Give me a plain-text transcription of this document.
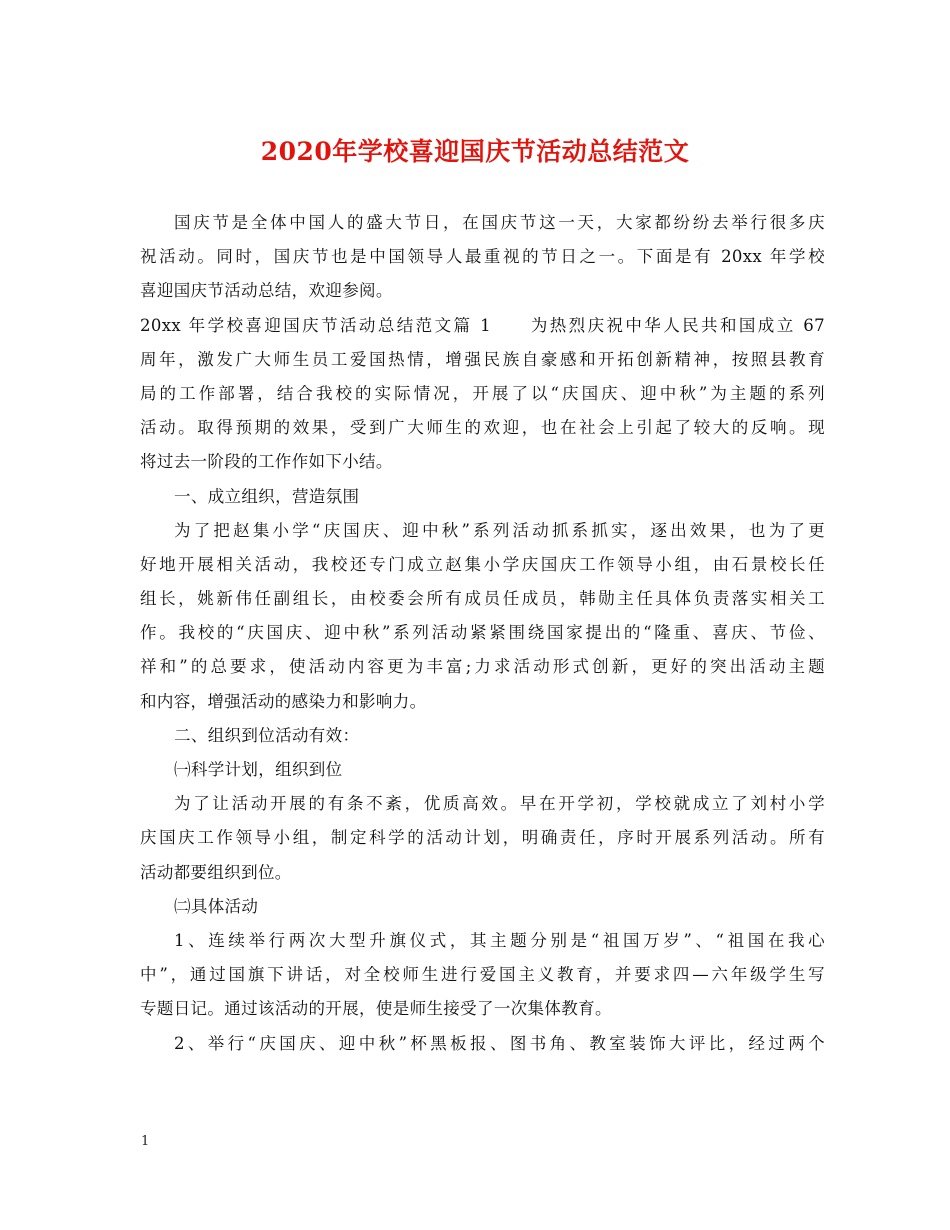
2020年学校喜迎国庆节活动总结范文
国庆节是全体中国人的盛大节日，在国庆节这一天，大家都纷纷去举行很多庆
祝活动。同时，国庆节也是中国领导人最重视的节日之一。下面是有 20xx 年学校
喜迎国庆节活动总结，欢迎参阅。
20xx 年学校喜迎国庆节活动总结范文篇 1　　为热烈庆祝中华人民共和国成立 67
周年，激发广大师生员工爱国热情，增强民族自豪感和开拓创新精神，按照县教育
局的工作部署，结合我校的实际情况，开展了以“庆国庆、迎中秋”为主题的系列
活动。取得预期的效果，受到广大师生的欢迎，也在社会上引起了较大的反响。现
将过去一阶段的工作作如下小结。
一、成立组织，营造氛围
为了把赵集小学“庆国庆、迎中秋”系列活动抓系抓实，逐出效果，也为了更
好地开展相关活动，我校还专门成立赵集小学庆国庆工作领导小组，由石景校长任
组长，姚新伟任副组长，由校委会所有成员任成员，韩勋主任具体负责落实相关工
作。我校的“庆国庆、迎中秋”系列活动紧紧围绕国家提出的“隆重、喜庆、节俭、
祥和”的总要求，使活动内容更为丰富;力求活动形式创新，更好的突出活动主题
和内容，增强活动的感染力和影响力。
二、组织到位活动有效：
㈠科学计划，组织到位
为了让活动开展的有条不紊，优质高效。早在开学初，学校就成立了刘村小学
庆国庆工作领导小组，制定科学的活动计划，明确责任，序时开展系列活动。所有
活动都要组织到位。
㈡具体活动
1、连续举行两次大型升旗仪式，其主题分别是“祖国万岁”、“祖国在我心
中”，通过国旗下讲话，对全校师生进行爱国主义教育，并要求四—六年级学生写
专题日记。通过该活动的开展，使是师生接受了一次集体教育。
2、举行“庆国庆、迎中秋”杯黑板报、图书角、教室装饰大评比，经过两个
1
